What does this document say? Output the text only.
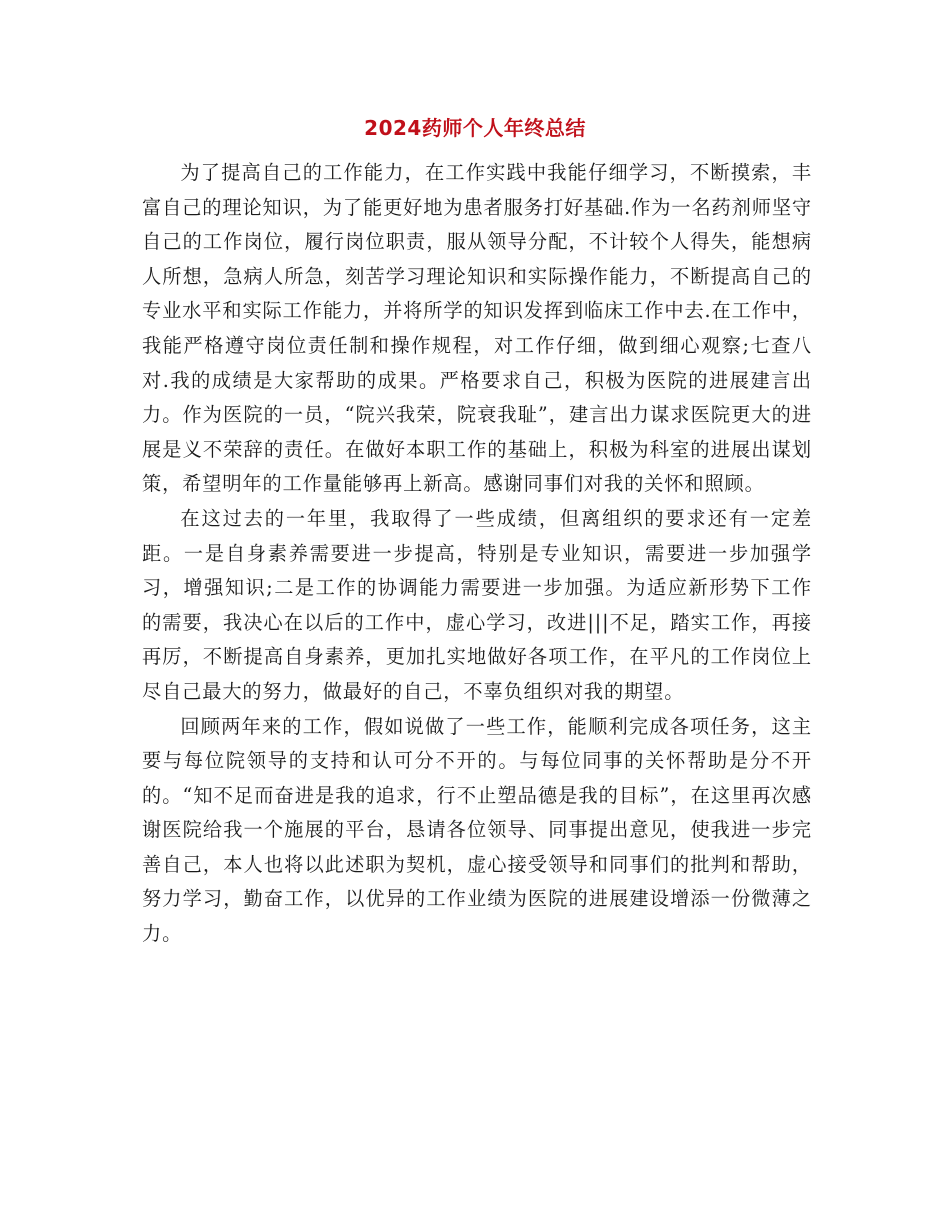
2024药师个人年终总结

为了提高自己的工作能力，在工作实践中我能仔细学习，不断摸索，丰富自己的理论知识，为了能更好地为患者服务打好基础.作为一名药剂师坚守自己的工作岗位，履行岗位职责，服从领导分配，不计较个人得失，能想病人所想，急病人所急，刻苦学习理论知识和实际操作能力，不断提高自己的专业水平和实际工作能力，并将所学的知识发挥到临床工作中去.在工作中，我能严格遵守岗位责任制和操作规程，对工作仔细，做到细心观察;七查八对.我的成绩是大家帮助的成果。严格要求自己，积极为医院的进展建言出力。作为医院的一员，“院兴我荣，院衰我耻”，建言出力谋求医院更大的进展是义不荣辞的责任。在做好本职工作的基础上，积极为科室的进展出谋划策，希望明年的工作量能够再上新高。感谢同事们对我的关怀和照顾。

在这过去的一年里，我取得了一些成绩，但离组织的要求还有一定差距。一是自身素养需要进一步提高，特别是专业知识，需要进一步加强学习，增强知识;二是工作的协调能力需要进一步加强。为适应新形势下工作的需要，我决心在以后的工作中，虚心学习，改进|||不足，踏实工作，再接再厉，不断提高自身素养，更加扎实地做好各项工作，在平凡的工作岗位上尽自己最大的努力，做最好的自己，不辜负组织对我的期望。

回顾两年来的工作，假如说做了一些工作，能顺利完成各项任务，这主要与每位院领导的支持和认可分不开的。与每位同事的关怀帮助是分不开的。“知不足而奋进是我的追求，行不止塑品德是我的目标”，在这里再次感谢医院给我一个施展的平台，恳请各位领导、同事提出意见，使我进一步完善自己，本人也将以此述职为契机，虚心接受领导和同事们的批判和帮助，努力学习，勤奋工作，以优异的工作业绩为医院的进展建设增添一份微薄之力。
